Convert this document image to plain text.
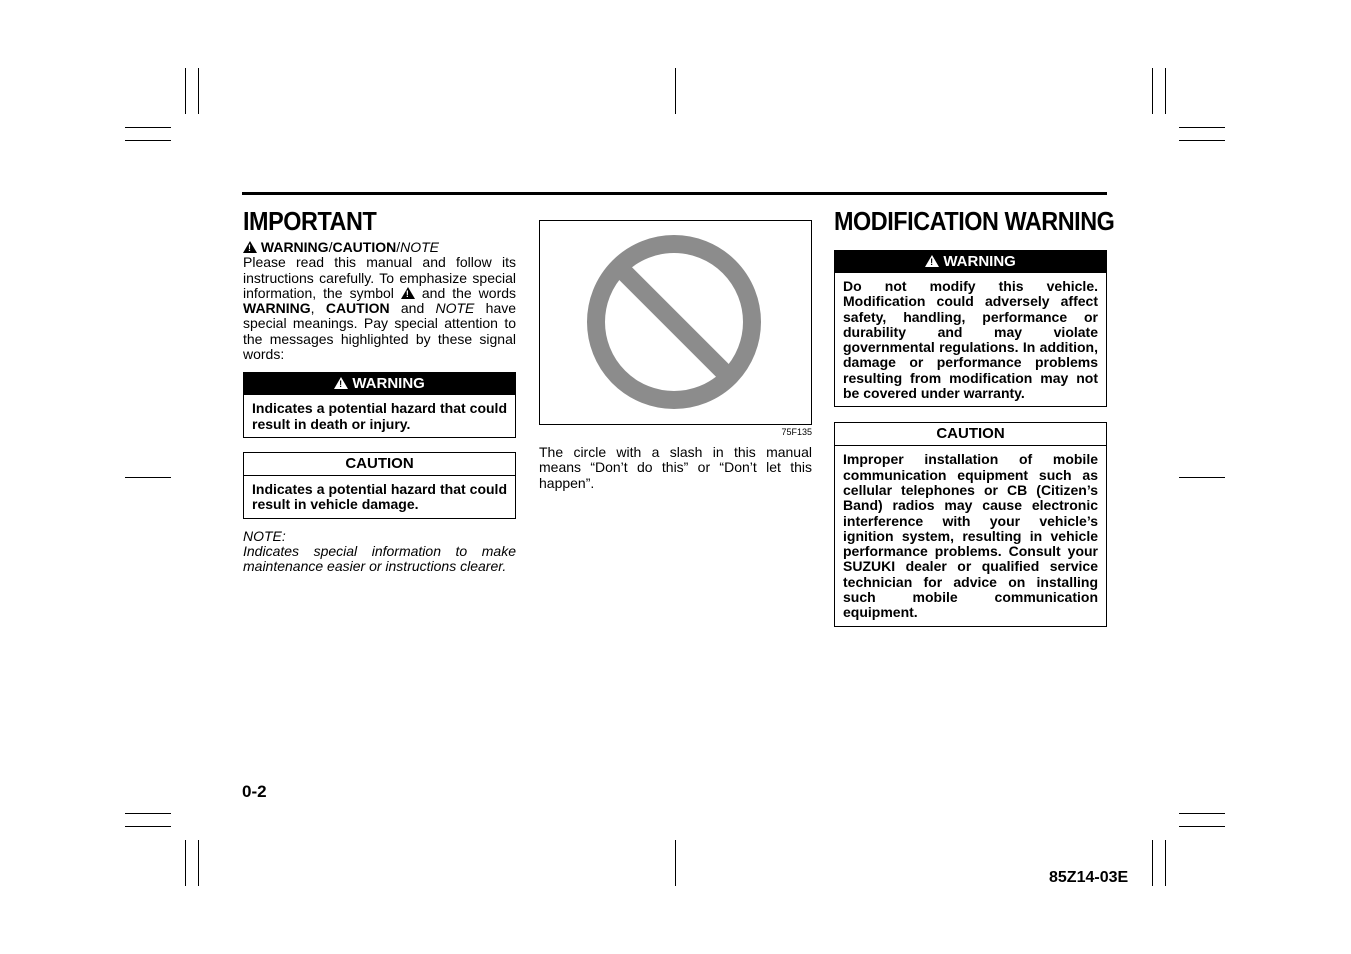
IMPORTANT
! WARNING/CAUTION/NOTE
Please read this manual and follow its instructions carefully. To emphasize special information, the symbol ! and the words WARNING, CAUTION and NOTE have special meanings. Pay special attention to the messages highlighted by these signal words:
! WARNING
Indicates a potential hazard that could result in death or injury.
CAUTION
Indicates a potential hazard that could result in vehicle damage.
NOTE:
Indicates special information to make maintenance easier or instructions clearer.
75F135
The circle with a slash in this manual means “Don’t do this” or “Don’t let this happen”.
MODIFICATION WARNING
! WARNING
Do not modify this vehicle. Modification could adversely affect safety, handling, performance or durability and may violate governmental regulations. In addition, damage or performance problems resulting from modification may not be covered under warranty.
CAUTION
Improper installation of mobile communication equipment such as cellular telephones or CB (Citizen’s Band) radios may cause electronic interference with your vehicle’s ignition system, resulting in vehicle performance problems. Consult your SUZUKI dealer or qualified service technician for advice on installing such mobile communication equipment.
0-2
85Z14-03E
